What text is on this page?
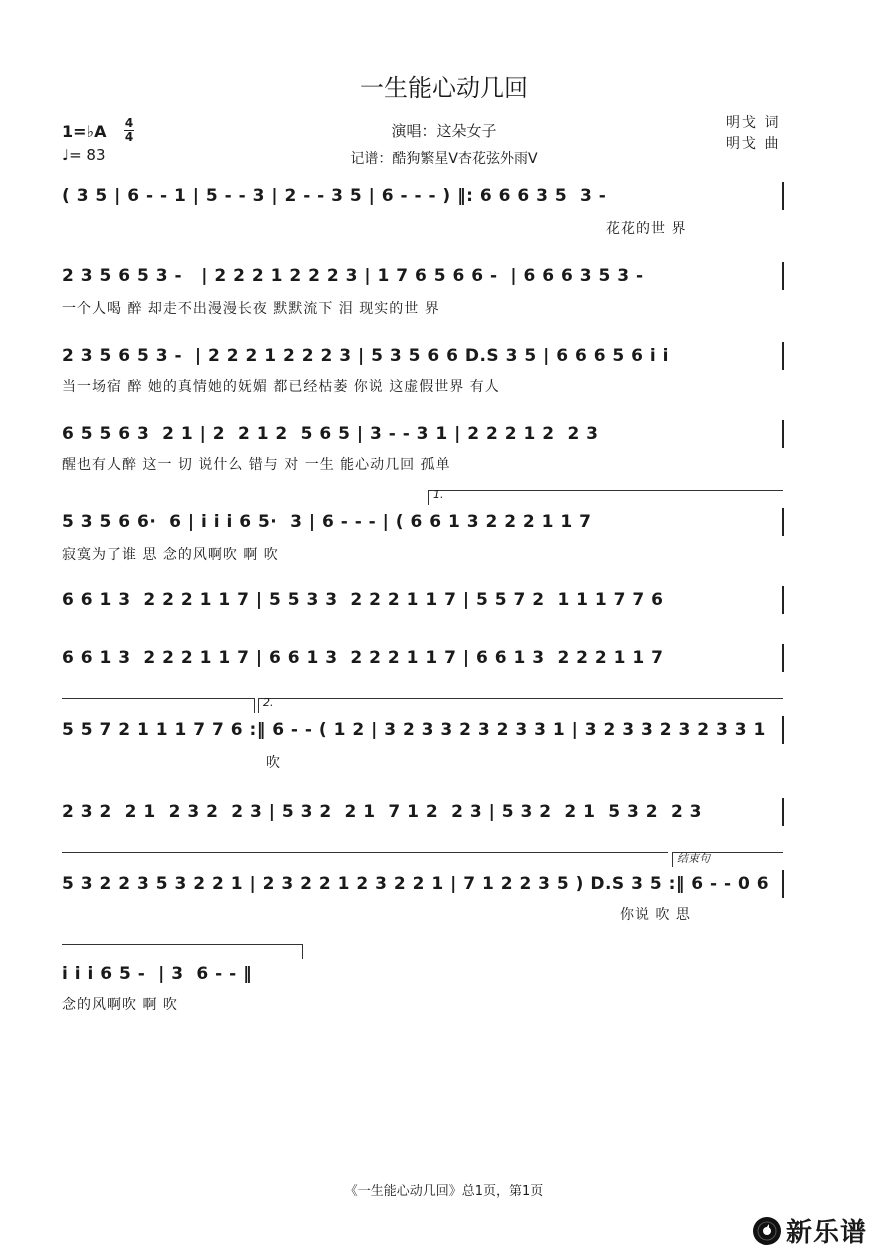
一生能心动几回
1=♭A 4
4
♩= 83
演唱：这朵女子
记谱：酷狗繁星V杏花弦外雨V
明戈 词
明戈 曲
( 3 5 | 6 - - 1 | 5 - - 3 | 2 - - 3 5 | 6 - - - ) ‖: 6 6 6 3 5  3 -
花花的世 界
2 3 5 6 5 3 -   | 2 2 2 1 2 2 2 3 | 1 7 6 5 6 6 -  | 6 6 6 3 5 3 -
一个人喝 醉 却走不出漫漫长夜 默默流下 泪 现实的世 界
2 3 5 6 5 3 -  | 2 2 2 1 2 2 2 3 | 5 3 5 6 6 D.S 3 5 | 6 6 6 5 6 i i
当一场宿 醉 她的真情她的妩媚 都已经枯萎 你说 这虚假世界 有人
6 5 5 6 3  2 1 | 2  2 1 2  5 6 5 | 3 - - 3 1 | 2 2 2 1 2  2 3
醒也有人醉 这一 切 说什么 错与 对 一生 能心动几回 孤单
1.
5 3 5 6 6·  6 | i i i 6 5·  3 | 6 - - - | ( 6 6 1 3 2 2 2 1 1 7
寂寞为了谁 思 念的风啊吹 啊 吹
6 6 1 3  2 2 2 1 1 7 | 5 5 3 3  2 2 2 1 1 7 | 5 5 7 2  1 1 1 7 7 6
6 6 1 3  2 2 2 1 1 7 | 6 6 1 3  2 2 2 1 1 7 | 6 6 1 3  2 2 2 1 1 7
2.
5 5 7 2 1 1 1 7 7 6 :‖ 6 - - ( 1 2 | 3 2 3 3 2 3 2 3 3 1 | 3 2 3 3 2 3 2 3 3 1
吹
2 3 2  2 1  2 3 2  2 3 | 5 3 2  2 1  7 1 2  2 3 | 5 3 2  2 1  5 3 2  2 3
结束句
5 3 2 2 3 5 3 2 2 1 | 2 3 2 2 1 2 3 2 2 1 | 7 1 2 2 3 5 ) D.S 3 5 :‖ 6 - - 0 6
你说 吹 思
i i i 6 5 -  | 3  6 - - ‖
念的风啊吹 啊 吹
《一生能心动几回》总1页，第1页
新乐谱
